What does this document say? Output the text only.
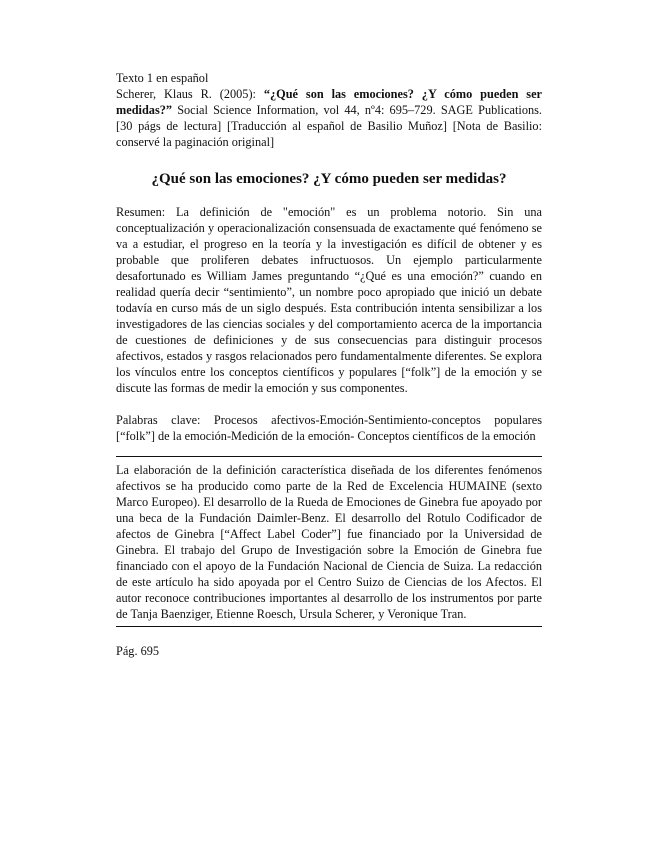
Texto 1 en español

Scherer, Klaus R. (2005): “¿Qué son las emociones? ¿Y cómo pueden ser medidas?” Social Science Information, vol 44, nº4: 695–729. SAGE Publications. [30 págs de lectura] [Traducción al español de Basilio Muñoz] [Nota de Basilio: conservé la paginación original]

¿Qué son las emociones? ¿Y cómo pueden ser medidas?

Resumen: La definición de "emoción" es un problema notorio. Sin una conceptualización y operacionalización consensuada de exactamente qué fenómeno se va a estudiar, el progreso en la teoría y la investigación es difícil de obtener y es probable que proliferen debates infructuosos. Un ejemplo particularmente desafortunado es William James preguntando “¿Qué es una emoción?” cuando en realidad quería decir “sentimiento”, un nombre poco apropiado que inició un debate todavía en curso más de un siglo después. Esta contribución intenta sensibilizar a los investigadores de las ciencias sociales y del comportamiento acerca de la importancia de cuestiones de definiciones y de sus consecuencias para distinguir procesos afectivos, estados y rasgos relacionados pero fundamentalmente diferentes. Se explora los vínculos entre los conceptos científicos y populares [“folk”] de la emoción y se discute las formas de medir la emoción y sus componentes.

Palabras clave: Procesos afectivos-Emoción-Sentimiento-conceptos populares [“folk”] de la emoción-Medición de la emoción- Conceptos científicos de la emoción

La elaboración de la definición característica diseñada de los diferentes fenómenos afectivos se ha producido como parte de la Red de Excelencia HUMAINE (sexto Marco Europeo). El desarrollo de la Rueda de Emociones de Ginebra fue apoyado por una beca de la Fundación Daimler-Benz. El desarrollo del Rotulo Codificador de afectos de Ginebra [“Affect Label Coder”] fue financiado por la Universidad de Ginebra. El trabajo del Grupo de Investigación sobre la Emoción de Ginebra fue financiado con el apoyo de la Fundación Nacional de Ciencia de Suiza. La redacción de este artículo ha sido apoyada por el Centro Suizo de Ciencias de los Afectos. El autor reconoce contribuciones importantes al desarrollo de los instrumentos por parte de Tanja Baenziger, Etienne Roesch, Ursula Scherer, y Veronique Tran.

Pág. 695
